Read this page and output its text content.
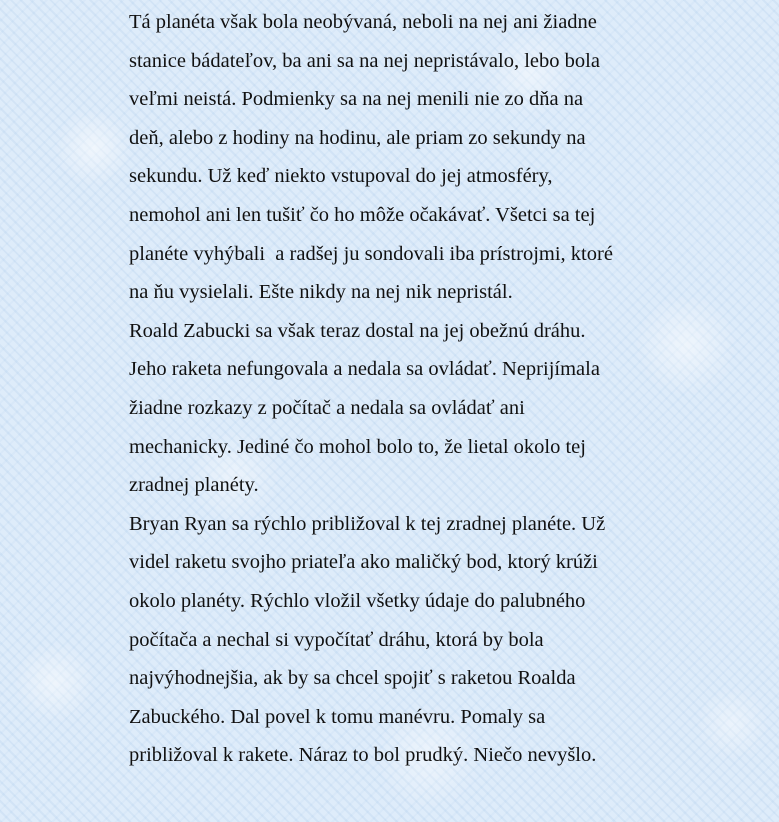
Tá planéta však bola neobývaná, neboli na nej ani žiadne
stanice bádateľov, ba ani sa na nej nepristávalo, lebo bola
veľmi neistá. Podmienky sa na nej menili nie zo dňa na
deň, alebo z hodiny na hodinu, ale priam zo sekundy na
sekundu. Už keď niekto vstupoval do jej atmosféry,
nemohol ani len tušiť čo ho môže očakávať. Všetci sa tej
planéte vyhýbali  a radšej ju sondovali iba prístrojmi, ktoré
na ňu vysielali. Ešte nikdy na nej nik nepristál.

Roald Zabucki sa však teraz dostal na jej obežnú dráhu.
Jeho raketa nefungovala a nedala sa ovládať. Neprijímala
žiadne rozkazy z počítač a nedala sa ovládať ani
mechanicky. Jediné čo mohol bolo to, že lietal okolo tej
zradnej planéty.

Bryan Ryan sa rýchlo približoval k tej zradnej planéte. Už
videl raketu svojho priateľa ako maličký bod, ktorý krúži
okolo planéty. Rýchlo vložil všetky údaje do palubného
počítača a nechal si vypočítať dráhu, ktorá by bola
najvýhodnejšia, ak by sa chcel spojiť s raketou Roalda
Zabuckého. Dal povel k tomu manévru. Pomaly sa
približoval k rakete. Náraz to bol prudký. Niečo nevyšlo.
